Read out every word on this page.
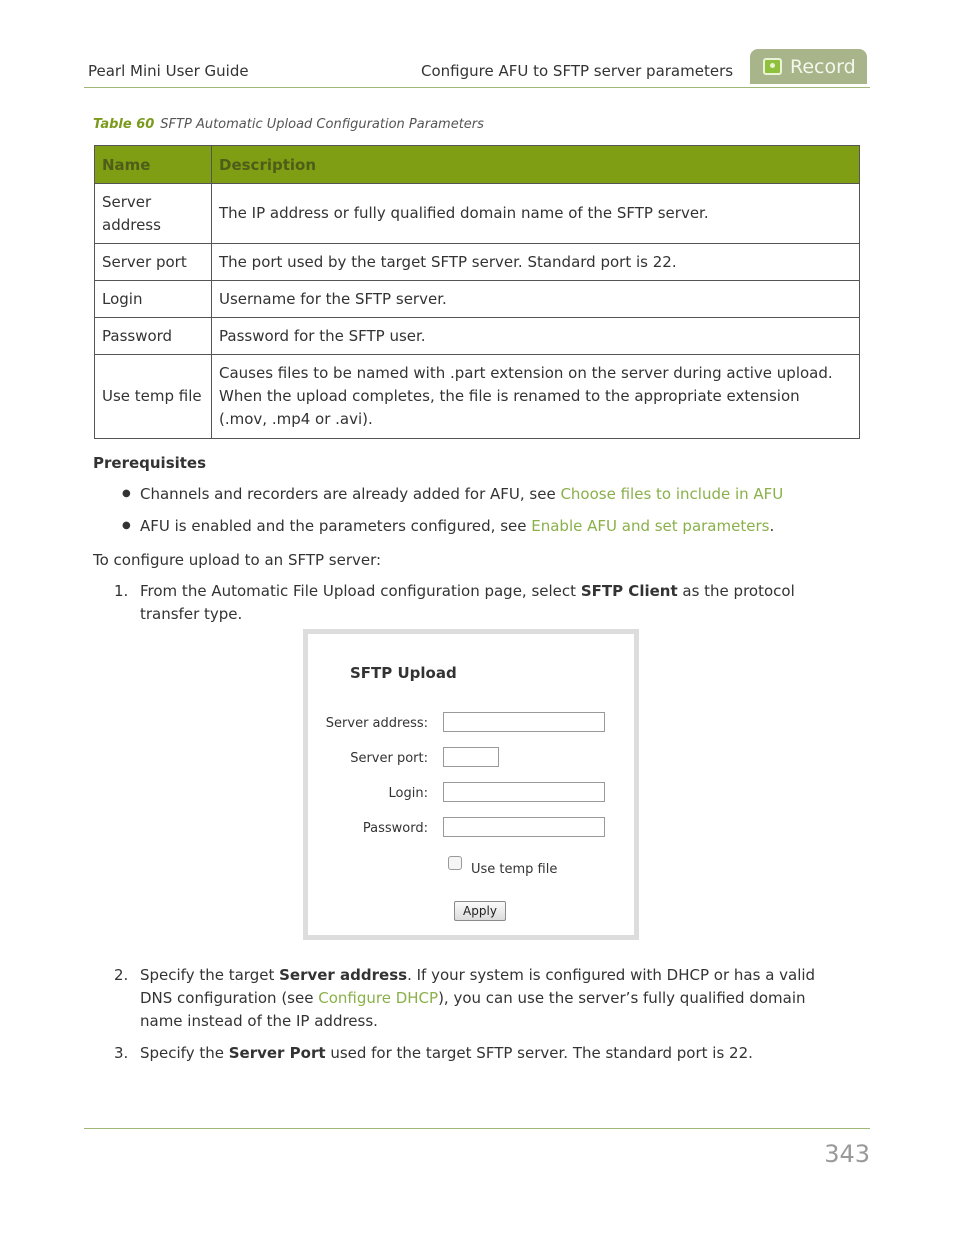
Pearl Mini User Guide	Configure AFU to SFTP server parameters	Record
Table 60 SFTP Automatic Upload Configuration Parameters
Name	Description
Server address	The IP address or fully qualified domain name of the SFTP server.
Server port	The port used by the target SFTP server. Standard port is 22.
Login	Username for the SFTP server.
Password	Password for the SFTP user.
Use temp file	Causes files to be named with .part extension on the server during active upload. When the upload completes, the file is renamed to the appropriate extension (.mov, .mp4 or .avi).
Prerequisites
● Channels and recorders are already added for AFU, see Choose files to include in AFU
● AFU is enabled and the parameters configured, see Enable AFU and set parameters.
To configure upload to an SFTP server:
1. From the Automatic File Upload configuration page, select SFTP Client as the protocol transfer type.
SFTP Upload
Server address:
Server port:
Login:
Password:
Use temp file
Apply
2. Specify the target Server address. If your system is configured with DHCP or has a valid DNS configuration (see Configure DHCP), you can use the server’s fully qualified domain name instead of the IP address.
3. Specify the Server Port used for the target SFTP server. The standard port is 22.
343
